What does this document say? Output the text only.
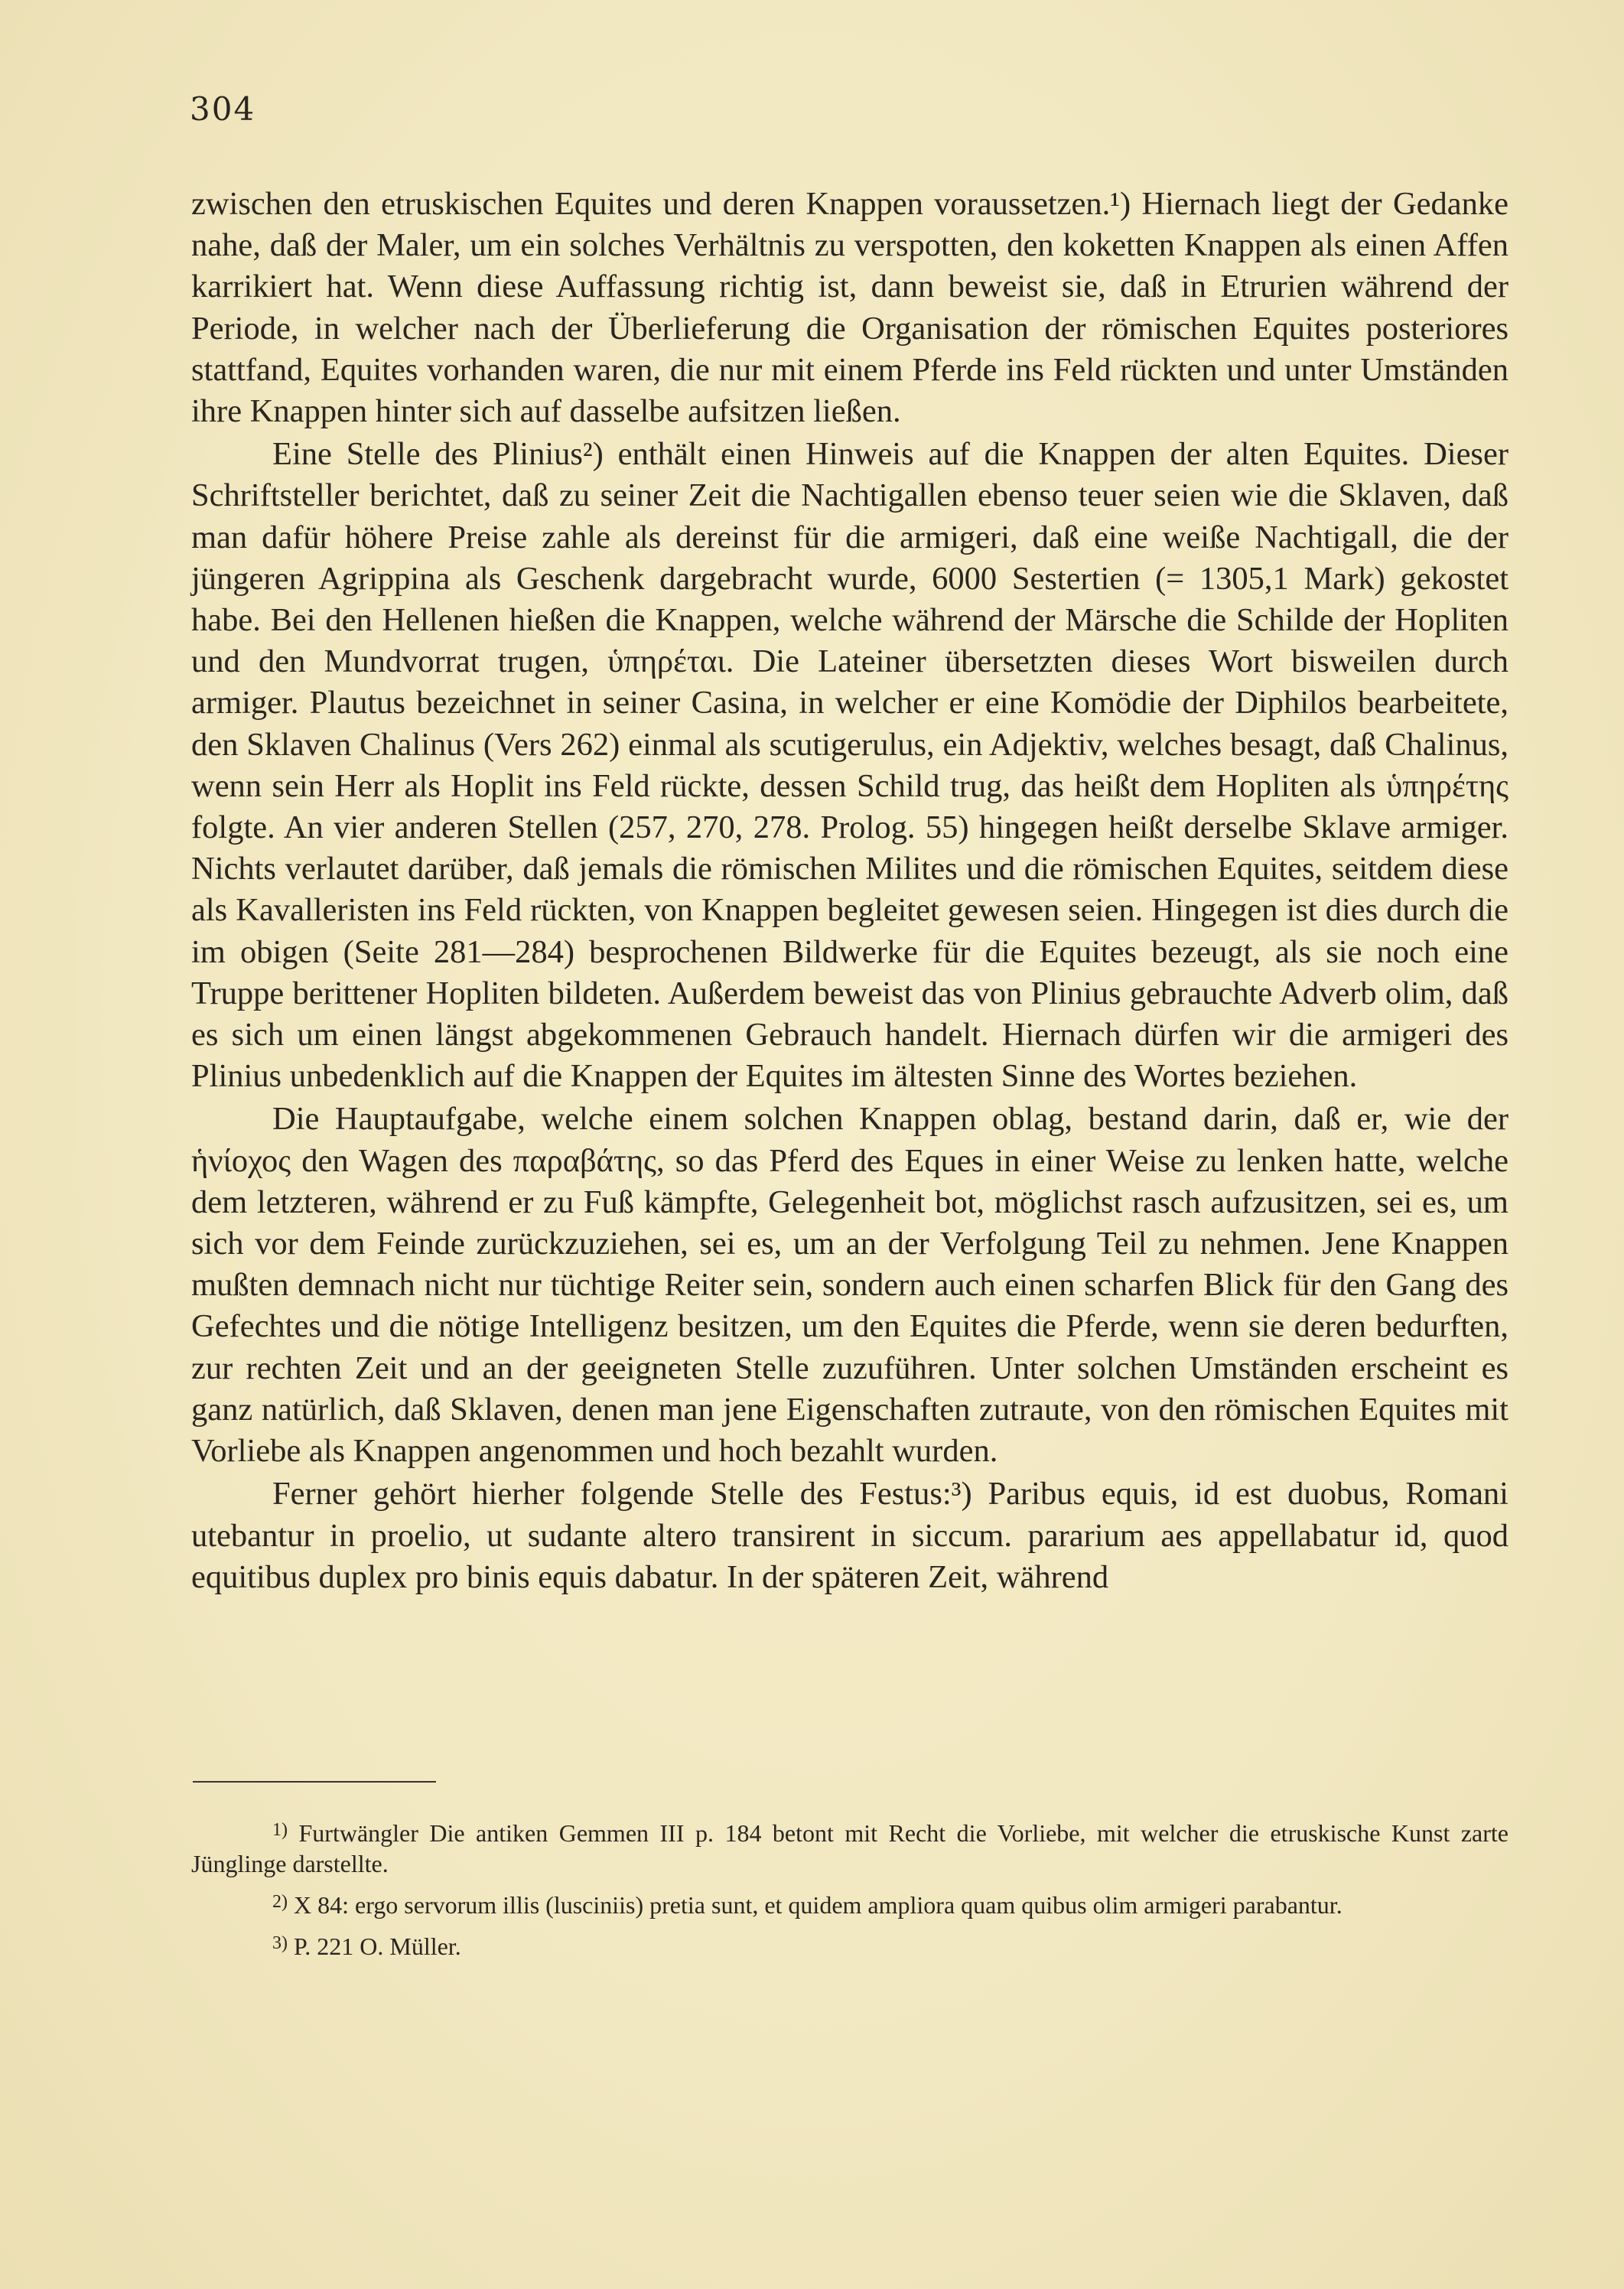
304

zwischen den etruskischen Equites und deren Knappen voraussetzen.¹) Hiernach liegt der Gedanke nahe, daß der Maler, um ein solches Verhältnis zu verspotten, den koketten Knappen als einen Affen karrikiert hat. Wenn diese Auffassung richtig ist, dann beweist sie, daß in Etrurien während der Periode, in welcher nach der Überlieferung die Organisation der römischen Equites posteriores stattfand, Equites vorhanden waren, die nur mit einem Pferde ins Feld rückten und unter Umständen ihre Knappen hinter sich auf dasselbe aufsitzen ließen.

Eine Stelle des Plinius²) enthält einen Hinweis auf die Knappen der alten Equites. Dieser Schriftsteller berichtet, daß zu seiner Zeit die Nachtigallen ebenso teuer seien wie die Sklaven, daß man dafür höhere Preise zahle als dereinst für die armigeri, daß eine weiße Nachtigall, die der jüngeren Agrippina als Geschenk dargebracht wurde, 6000 Sestertien (= 1305,1 Mark) gekostet habe. Bei den Hellenen hießen die Knappen, welche während der Märsche die Schilde der Hopliten und den Mundvorrat trugen, ὑπηρέται. Die Lateiner übersetzten dieses Wort bisweilen durch armiger. Plautus bezeichnet in seiner Casina, in welcher er eine Komödie der Diphilos bearbeitete, den Sklaven Chalinus (Vers 262) einmal als scutigerulus, ein Adjektiv, welches besagt, daß Chalinus, wenn sein Herr als Hoplit ins Feld rückte, dessen Schild trug, das heißt dem Hopliten als ὑπηρέτης folgte. An vier anderen Stellen (257, 270, 278. Prolog. 55) hingegen heißt derselbe Sklave armiger. Nichts verlautet darüber, daß jemals die römischen Milites und die römischen Equites, seitdem diese als Kavalleristen ins Feld rückten, von Knappen begleitet gewesen seien. Hingegen ist dies durch die im obigen (Seite 281—284) besprochenen Bildwerke für die Equites bezeugt, als sie noch eine Truppe berittener Hopliten bildeten. Außerdem beweist das von Plinius gebrauchte Adverb olim, daß es sich um einen längst abgekommenen Gebrauch handelt. Hiernach dürfen wir die armigeri des Plinius unbedenklich auf die Knappen der Equites im ältesten Sinne des Wortes beziehen.

Die Hauptaufgabe, welche einem solchen Knappen oblag, bestand darin, daß er, wie der ἡνίοχος den Wagen des παραβάτης, so das Pferd des Eques in einer Weise zu lenken hatte, welche dem letzteren, während er zu Fuß kämpfte, Gelegenheit bot, möglichst rasch aufzusitzen, sei es, um sich vor dem Feinde zurückzuziehen, sei es, um an der Verfolgung Teil zu nehmen. Jene Knappen mußten demnach nicht nur tüchtige Reiter sein, sondern auch einen scharfen Blick für den Gang des Gefechtes und die nötige Intelligenz besitzen, um den Equites die Pferde, wenn sie deren bedurften, zur rechten Zeit und an der geeigneten Stelle zuzuführen. Unter solchen Umständen erscheint es ganz natürlich, daß Sklaven, denen man jene Eigenschaften zutraute, von den römischen Equites mit Vorliebe als Knappen angenommen und hoch bezahlt wurden.

Ferner gehört hierher folgende Stelle des Festus:³) Paribus equis, id est duobus, Romani utebantur in proelio, ut sudante altero transirent in siccum. pararium aes appellabatur id, quod equitibus duplex pro binis equis dabatur. In der späteren Zeit, während

$^{1)}$ Furtwängler Die antiken Gemmen III p. 184 betont mit Recht die Vorliebe, mit welcher die etruskische Kunst zarte Jünglinge darstellte.

$^{2)}$ X 84: ergo servorum illis (lusciniis) pretia sunt, et quidem ampliora quam quibus olim armigeri parabantur.

$^{3)}$ P. 221 O. Müller.
